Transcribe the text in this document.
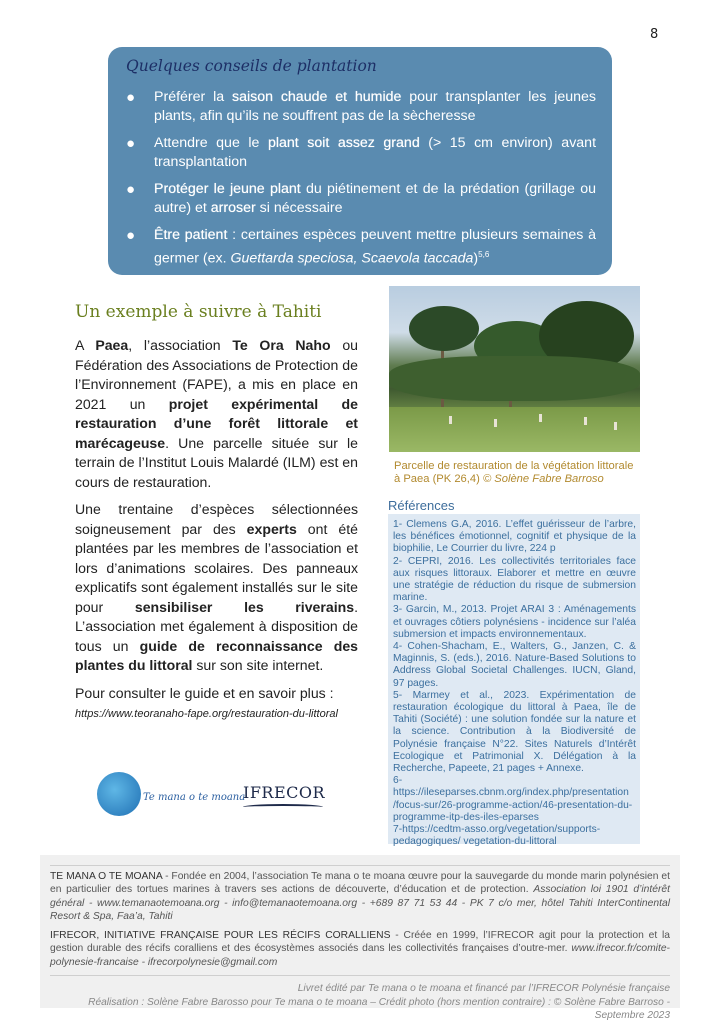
8
Quelques conseils de plantation
● Préférer la saison chaude et humide pour transplanter les jeunes plants, afin qu’ils ne souffrent pas de la sècheresse
● Attendre que le plant soit assez grand (> 15 cm environ) avant transplantation
● Protéger le jeune plant du piétinement et de la prédation (grillage ou autre) et arroser si nécessaire
● Être patient : certaines espèces peuvent mettre plusieurs semaines à germer (ex. Guettarda speciosa, Scaevola taccada)$^{5,6}$
Un exemple à suivre à Tahiti

A Paea, l’association Te Ora Naho ou Fédération des Associations de Protection de l’Environnement (FAPE), a mis en place en 2021 un projet expérimental de restauration d’une forêt littorale et marécageuse. Une parcelle située sur le terrain de l’Institut Louis Malardé (ILM) est en cours de restauration.

Une trentaine d’espèces sélectionnées soigneusement par des experts ont été plantées par les membres de l’association et lors d’animations scolaires. Des panneaux explicatifs sont également installés sur le site pour sensibiliser les riverains. L’association met également à disposition de tous un guide de reconnaissance des plantes du littoral sur son site internet.

Pour consulter le guide et en savoir plus :

https://www.teoranaho-fape.org/restauration-du-littoral
Parcelle de restauration de la végétation littorale à Paea (PK 26,4) © Solène Fabre Barroso
Références
1- Clemens G.A, 2016. L’effet guérisseur de l’arbre, les bénéfices émotionnel, cognitif et physique de la biophilie, Le Courrier du livre, 224 p
2- CEPRI, 2016. Les collectivités territoriales face aux risques littoraux. Elaborer et mettre en œuvre une stratégie de réduction du risque de submersion marine.
3- Garcin, M., 2013. Projet ARAI 3 : Aménagements et ouvrages côtiers polynésiens - incidence sur l’aléa submersion et impacts environnementaux.
4- Cohen-Shacham, E., Walters, G., Janzen, C. & Maginnis, S. (eds.), 2016. Nature-Based Solutions to Address Global Societal Challenges. IUCN, Gland, 97 pages.
5- Marmey et al., 2023. Expérimentation de restauration écologique du littoral à Paea, île de Tahiti (Société) : une solution fondée sur la nature et la science. Contribution à la Biodiversité de Polynésie française N°22. Sites Naturels d’Intérêt Ecologique et Patrimonial X. Délégation à la Recherche, Papeete, 21 pages + Annexe.
6- https://ileseparses.cbnm.org/index.php/presentation /focus-sur/26-programme-action/46-presentation-du-programme-itp-des-iles-eparses
7-https://cedtm-asso.org/vegetation/supports-pedagogiques/ vegetation-du-littoral
Te mana o te moana
IFRECOR
TE MANA O TE MOANA - Fondée en 2004, l’association Te mana o te moana œuvre pour la sauvegarde du monde marin polynésien et en particulier des tortues marines à travers ses actions de découverte, d’éducation et de protection. Association loi 1901 d’intérêt général - www.temanaotemoana.org - info@temanaotemoana.org - +689 87 71 53 44 - PK 7 c/o mer, hôtel Tahiti InterContinental Resort & Spa, Faa’a, Tahiti
IFRECOR, INITIATIVE FRANÇAISE POUR LES RÉCIFS CORALLIENS - Créée en 1999, l’IFRECOR agit pour la protection et la gestion durable des récifs coralliens et des écosystèmes associés dans les collectivités françaises d’outre-mer. www.ifrecor.fr/comite-polynesie-francaise - ifrecorpolynesie@gmail.com
Livret édité par Te mana o te moana et financé par l’IFRECOR Polynésie française
Réalisation : Solène Fabre Barosso pour Te mana o te moana – Crédit photo (hors mention contraire) : © Solène Fabre Barroso - Septembre 2023
